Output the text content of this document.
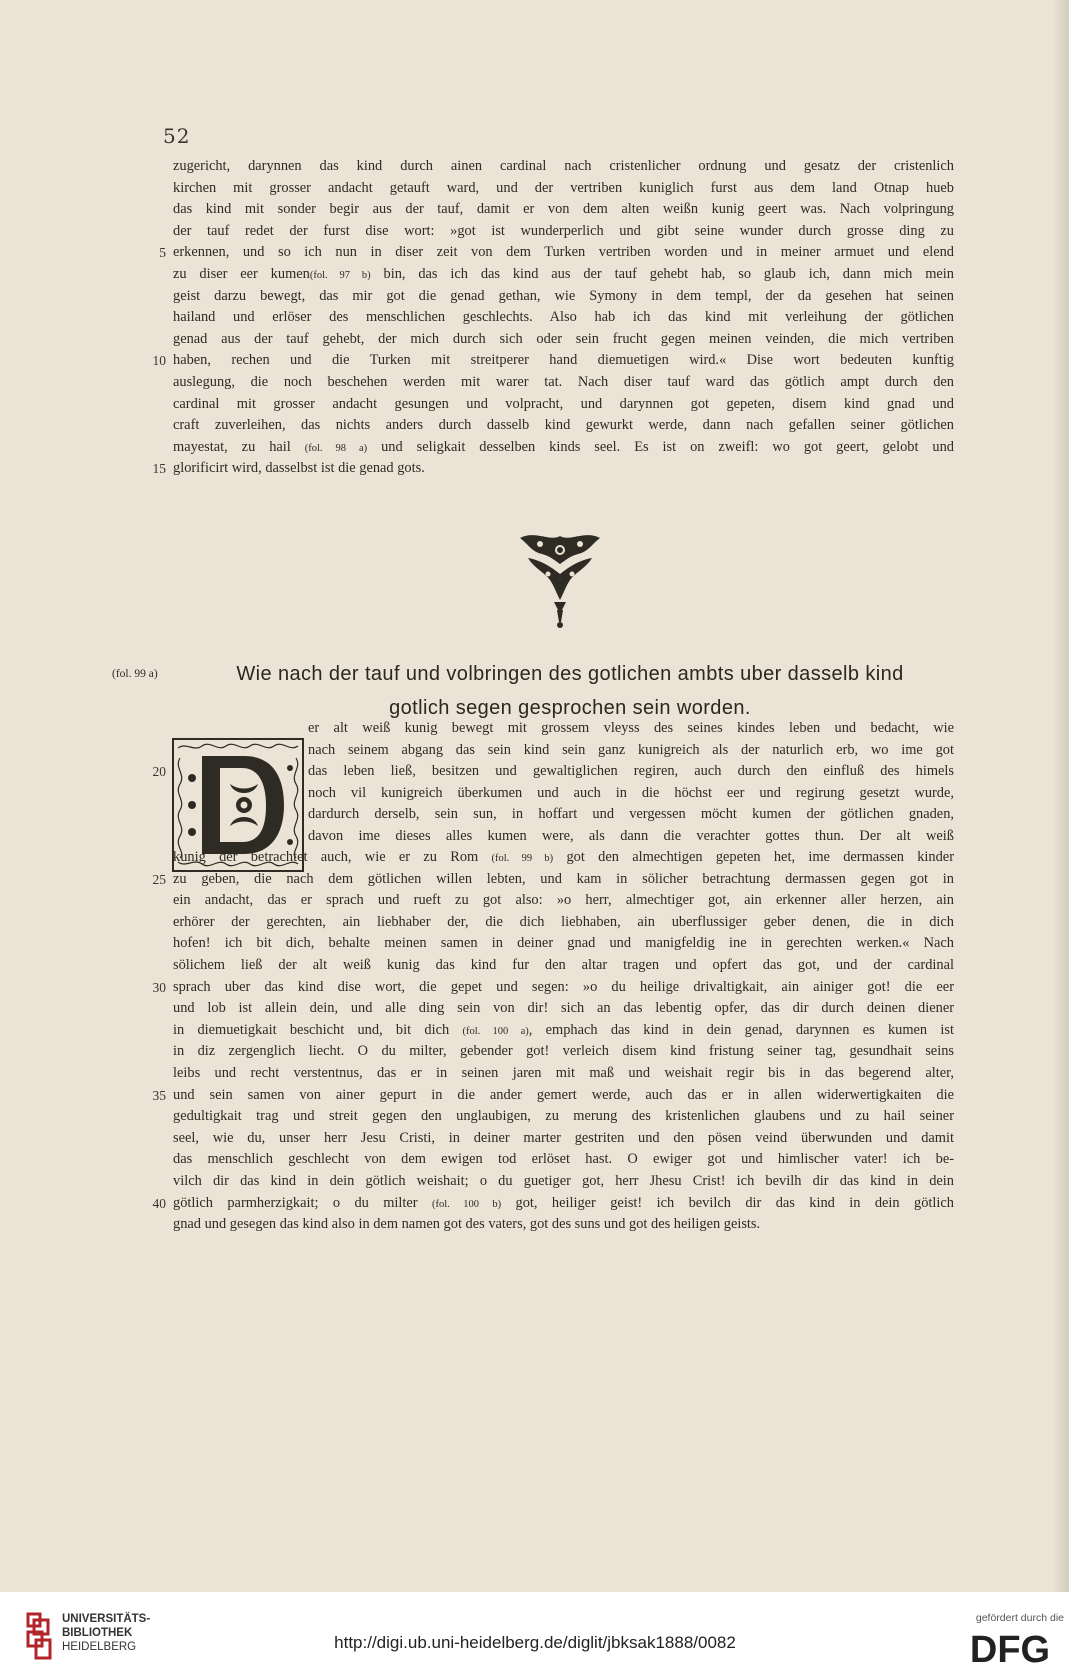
52
zugericht, darynnen das kind durch ainen cardinal nach cristenlicher ordnung und gesatz der cristenlich
kirchen mit grosser andacht getauft ward, und der vertriben kuniglich furst aus dem land Otnap hueb
das kind mit sonder begir aus der tauf, damit er von dem alten weißn kunig geert was. Nach volpringung
der tauf redet der furst dise wort: »got ist wunderperlich und gibt seine wunder durch grosse ding zu
erkennen, und so ich nun in diser zeit von dem Turken vertriben worden und in meiner armuet und elend
5
zu diser eer kumen(fol. 97 b) bin, das ich das kind aus der tauf gehebt hab, so glaub ich, dann mich mein
geist darzu bewegt, das mir got die genad gethan, wie Symony in dem templ, der da gesehen hat seinen
hailand und erlöser des menschlichen geschlechts. Also hab ich das kind mit verleihung der götlichen
genad aus der tauf gehebt, der mich durch sich oder sein frucht gegen meinen veinden, die mich vertriben
haben, rechen und die Turken mit streitperer hand diemuetigen wird.« Dise wort bedeuten kunftig
10
auslegung, die noch beschehen werden mit warer tat. Nach diser tauf ward das götlich ampt durch den
cardinal mit grosser andacht gesungen und volpracht, und darynnen got gepeten, disem kind gnad und
craft zuverleihen, das nichts anders durch dasselb kind gewurkt werde, dann nach gefallen seiner götlichen
mayestat, zu hail (fol. 98 a) und seligkait desselben kinds seel. Es ist on zweifl: wo got geert, gelobt und
glorificirt wird, dasselbst ist die genad gots.
15
(fol. 99 a)	Wie nach der tauf und volbringen des gotlichen ambts uber dasselb kind
gotlich segen gesprochen sein worden.
D
er alt weiß kunig bewegt mit grossem vleyss des seines kindes leben und bedacht, wie
nach seinem abgang das sein kind sein ganz kunigreich als der naturlich erb, wo ime got
das leben ließ, besitzen und gewaltiglichen regiren, auch durch den einfluß des himels
20
noch vil kunigreich überkumen und auch in die höchst eer und regirung gesetzt wurde,
dardurch derselb, sein sun, in hoffart und vergessen möcht kumen der götlichen gnaden,
davon ime dieses alles kumen were, als dann die verachter gottes thun. Der alt weiß
kunig der betrachtet auch, wie er zu Rom (fol. 99 b) got den almechtigen gepeten het, ime dermassen kinder
zu geben, die nach dem götlichen willen lebten, und kam in sölicher betrachtung dermassen gegen got in
25
ein andacht, das er sprach und rueft zu got also: »o herr, almechtiger got, ain erkenner aller herzen, ain
erhörer der gerechten, ain liebhaber der, die dich liebhaben, ain uberflussiger geber denen, die in dich
hofen! ich bit dich, behalte meinen samen in deiner gnad und manigfeldig ine in gerechten werken.« Nach
sölichem ließ der alt weiß kunig das kind fur den altar tragen und opfert das got, und der cardinal
sprach uber das kind dise wort, die gepet und segen: »o du heilige drivaltigkait, ain ainiger got! die eer
30
und lob ist allein dein, und alle ding sein von dir! sich an das lebentig opfer, das dir durch deinen diener
in diemuetigkait beschicht und, bit dich (fol. 100 a), emphach das kind in dein genad, darynnen es kumen ist
in diz zergenglich liecht. O du milter, gebender got! verleich disem kind fristung seiner tag, gesundhait seins
leibs und recht verstentnus, das er in seinen jaren mit maß und weishait regir bis in das begerend alter,
und sein samen von ainer gepurt in die ander gemert werde, auch das er in allen widerwertigkaiten die
35
gedultigkait trag und streit gegen den unglaubigen, zu merung des kristenlichen glaubens und zu hail seiner
seel, wie du, unser herr Jesu Cristi, in deiner marter gestriten und den pösen veind überwunden und damit
das menschlich geschlecht von dem ewigen tod erlöset hast. O ewiger got und himlischer vater! ich be-
vilch dir das kind in dein götlich weishait; o du guetiger got, herr Jhesu Crist! ich bevilh dir das kind in dein
götlich parmherzigkait; o du milter (fol. 100 b) got, heiliger geist! ich bevilch dir das kind in dein götlich
40
gnad und gesegen das kind also in dem namen got des vaters, got des suns und got des heiligen geists.
UNIVERSITÄTS-
BIBLIOTHEK
HEIDELBERG	http://digi.ub.uni-heidelberg.de/diglit/jbksak1888/0082
gefördert durch die
DFG
